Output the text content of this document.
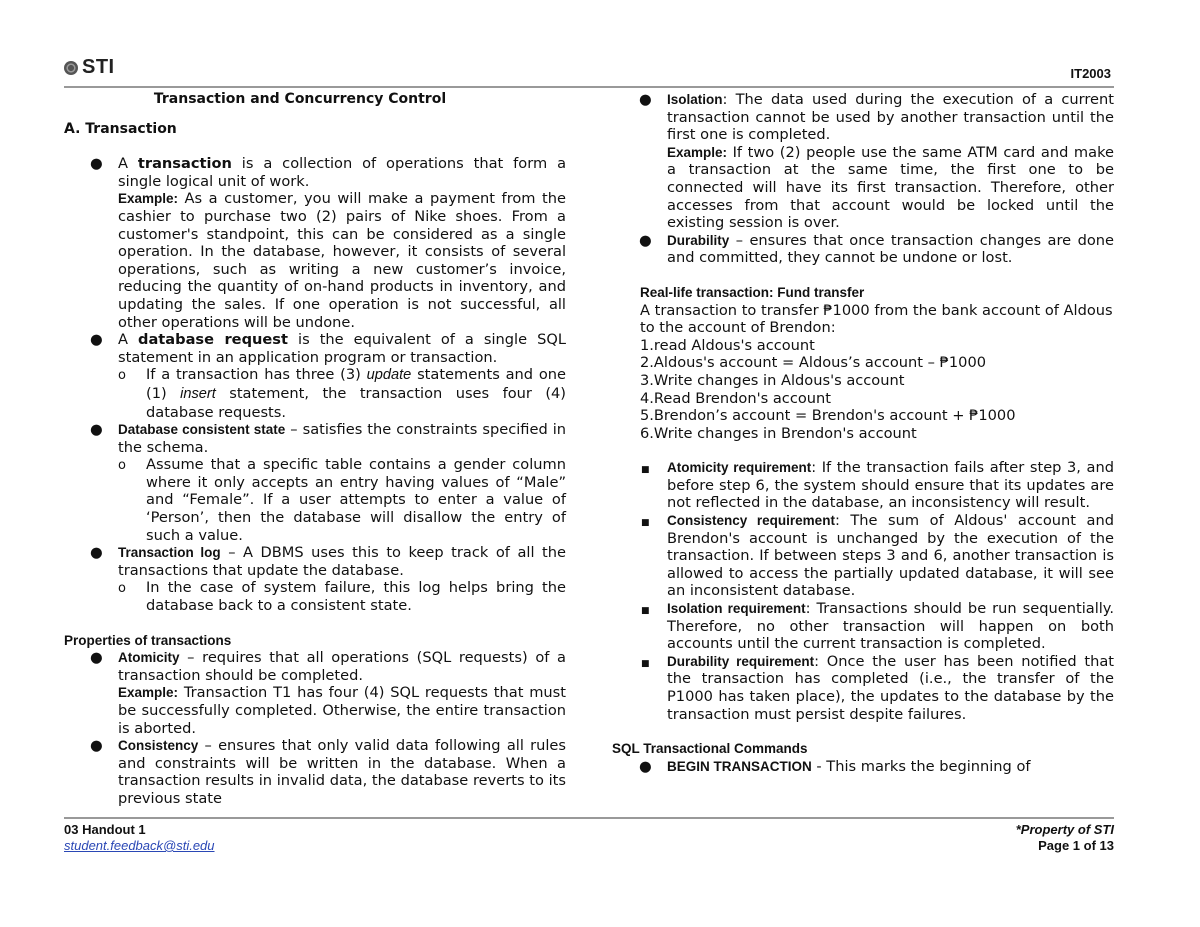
STI	IT2003

Transaction and Concurrency Control

A. Transaction

● A transaction is a collection of operations that form a single logical unit of work.
Example: As a customer, you will make a payment from the cashier to purchase two (2) pairs of Nike shoes. From a customer's standpoint, this can be considered as a single operation. In the database, however, it consists of several operations, such as writing a new customer’s invoice, reducing the quantity of on-hand products in inventory, and updating the sales. If one operation is not successful, all other operations will be undone.
● A database request is the equivalent of a single SQL statement in an application program or transaction.
o If a transaction has three (3) update statements and one (1) insert statement, the transaction uses four (4) database requests.
● Database consistent state – satisfies the constraints specified in the schema.
o Assume that a specific table contains a gender column where it only accepts an entry having values of “Male” and “Female”. If a user attempts to enter a value of ‘Person’, then the database will disallow the entry of such a value.
● Transaction log – A DBMS uses this to keep track of all the transactions that update the database.
o In the case of system failure, this log helps bring the database back to a consistent state.

Properties of transactions

● Atomicity – requires that all operations (SQL requests) of a transaction should be completed.
Example: Transaction T1 has four (4) SQL requests that must be successfully completed. Otherwise, the entire transaction is aborted.
● Consistency – ensures that only valid data following all rules and constraints will be written in the database. When a transaction results in invalid data, the database reverts to its previous state
● Isolation: The data used during the execution of a current transaction cannot be used by another transaction until the first one is completed.
Example: If two (2) people use the same ATM card and make a transaction at the same time, the first one to be connected will have its first transaction. Therefore, other accesses from that account would be locked until the existing session is over.
● Durability – ensures that once transaction changes are done and committed, they cannot be undone or lost.

Real-life transaction: Fund transfer

A transaction to transfer ₱1000 from the bank account of Aldous to the account of Brendon:

1.read Aldous's account

2.Aldous's account = Aldous’s account – ₱1000

3.Write changes in Aldous's account

4.Read Brendon's account

5.Brendon’s account = Brendon's account + ₱1000

6.Write changes in Brendon's account

■ Atomicity requirement: If the transaction fails after step 3, and before step 6, the system should ensure that its updates are not reflected in the database, an inconsistency will result.
■ Consistency requirement: The sum of Aldous' account and Brendon's account is unchanged by the execution of the transaction. If between steps 3 and 6, another transaction is allowed to access the partially updated database, it will see an inconsistent database.
■ Isolation requirement: Transactions should be run sequentially. Therefore, no other transaction will happen on both accounts until the current transaction is completed.
■ Durability requirement: Once the user has been notified that the transaction has completed (i.e., the transfer of the P1000 has taken place), the updates to the database by the transaction must persist despite failures.

SQL Transactional Commands

● BEGIN TRANSACTION - This marks the beginning of
03 Handout 1
student.feedback@sti.edu
*Property of STI
Page 1 of 13
